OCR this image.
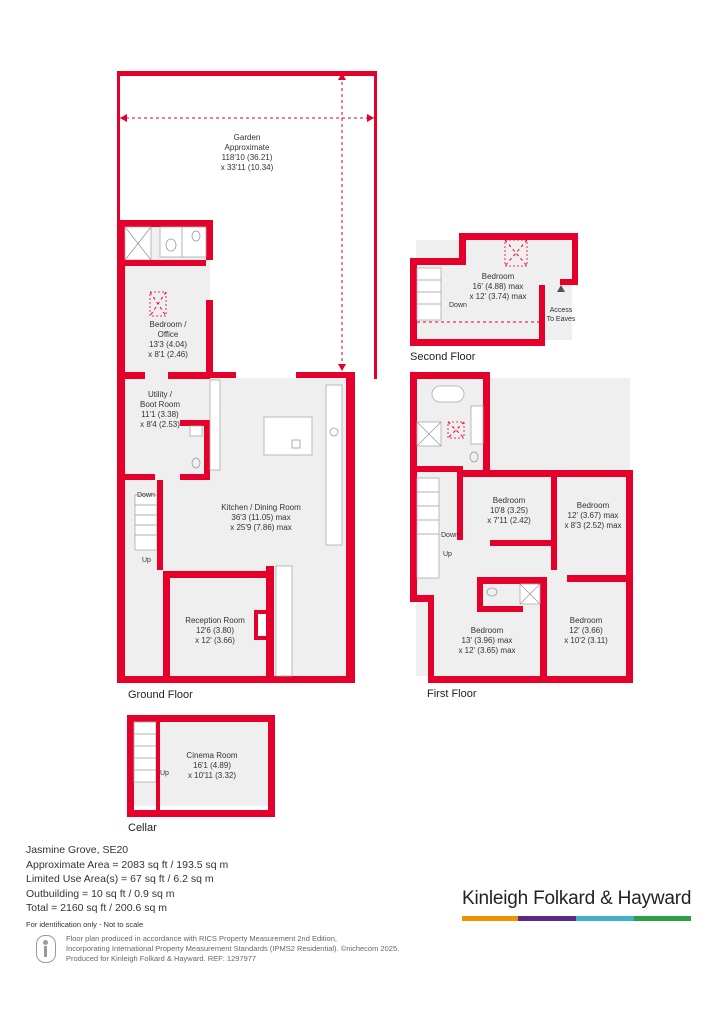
Garden Approximate 118'10 (36.21) x 33'11 (10.34)
Bedroom / Office 13'3 (4.04) x 8'1 (2.46)
Utility / Boot Room 11'1 (3.38) x 8'4 (2.53)
Down
Up
Kitchen / Dining Room 36'3 (11.05) max x 25'9 (7.86) max
Reception Room 12'6 (3.80) x 12' (3.66)
Ground Floor
Up
Cinema Room 16'1 (4.89) x 10'11 (3.32)
Cellar
Down
Bedroom 16' (4.88) max x 12' (3.74) max
Access To Eaves
Second Floor
Bedroom 10'8 (3.25) x 7'11 (2.42)
Bedroom 12' (3.67) max x 8'3 (2.52) max
Down
Up
Bedroom 13' (3.96) max x 12' (3.65) max
Bedroom 12' (3.66) x 10'2 (3.11)
First Floor
Jasmine Grove, SE20
Approximate Area = 2083 sq ft / 193.5 sq m
Limited Use Area(s) = 67 sq ft / 6.2 sq m
Outbuilding = 10 sq ft / 0.9 sq m
Total = 2160 sq ft / 200.6 sq m
For identification only - Not to scale
Kinleigh Folkard & Hayward
Floor plan produced in accordance with RICS Property Measurement 2nd Edition,
Incorporating International Property Measurement Standards (IPMS2 Residential). ©nichecom 2025.
Produced for Kinleigh Folkard & Hayward. REF: 1297977
